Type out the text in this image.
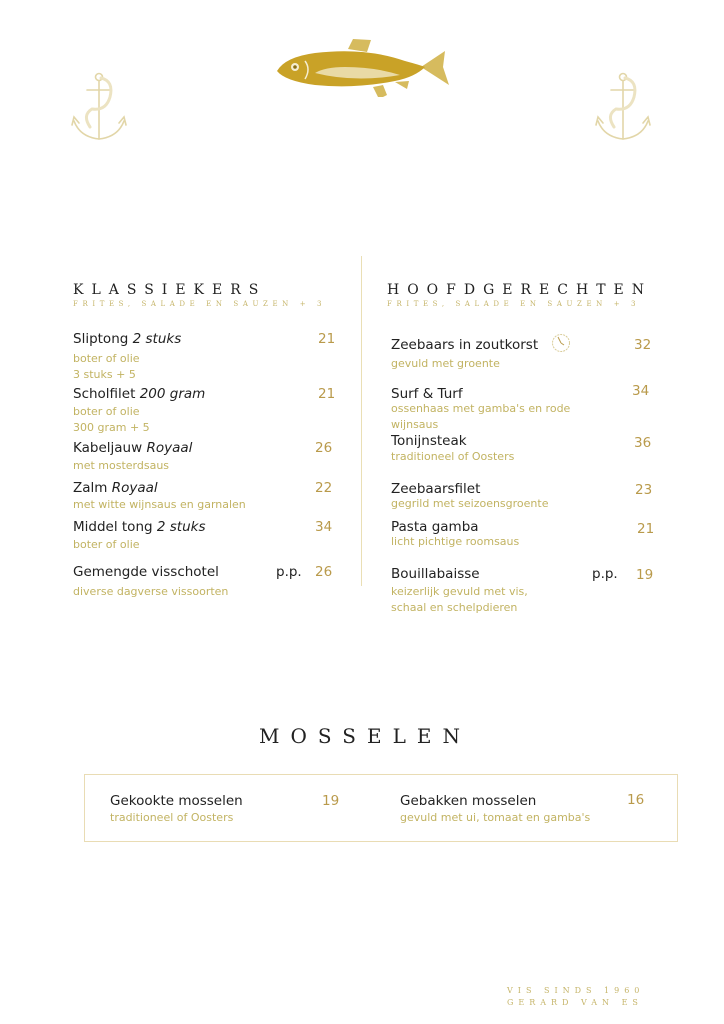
KLASSIEKERS
FRITES, SALADE EN SAUZEN + 3
HOOFDGERECHTEN
FRITES, SALADE EN SAUZEN + 3
Sliptong 2 stuks
boter of olie
3 stuks + 5
21
Scholfilet 200 gram
boter of olie
300 gram + 5
21
Kabeljauw Royaal
met mosterdsaus
26
Zalm Royaal
met witte wijnsaus en garnalen
22
Middel tong 2 stuks
boter of olie
34
Gemengde visschotel
diverse dagverse vissoorten
p.p. 26
Zeebaars in zoutkorst
gevuld met groente
32
Surf & Turf
ossenhaas met gamba's en rode
wijnsaus
34
Tonijnsteak
traditioneel of Oosters
36
Zeebaarsfilet
gegrild met seizoensgroente
23
Pasta gamba
licht pichtige roomsaus
21
Bouillabaisse
keizerlijk gevuld met vis,
schaal en schelpdieren
p.p. 19
MOSSELEN
Gekookte mosselen
traditioneel of Oosters
19	Gebakken mosselen
gevuld met ui, tomaat en gamba's
16
VIS SINDS 1960
GERARD VAN ES
